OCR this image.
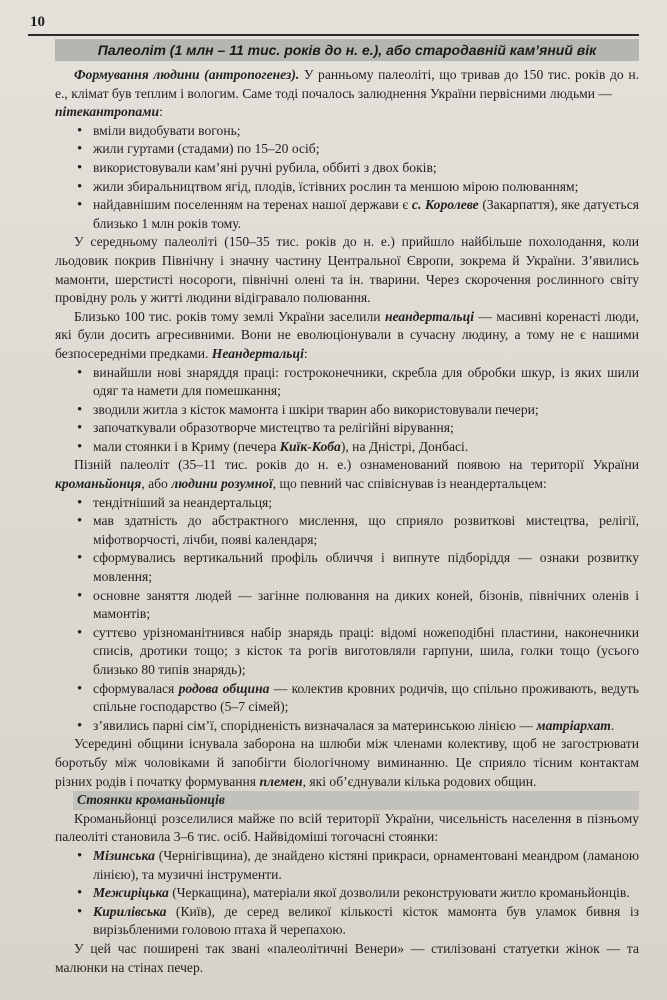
10
Палеоліт (1 млн – 11 тис. років до н. е.), або стародавній кам’яний вік

Формування людини (антропогенез). У ранньому палеоліті, що тривав до 150 тис. років до н. е., клімат був теплим і вологим. Саме тоді почалось залюднення України первісними людьми —
пітекантропами:

• вміли видобувати вогонь;
• жили гуртами (стадами) по 15–20 осіб;
• використовували кам’яні ручні рубила, оббиті з двох боків;
• жили збиральництвом ягід, плодів, їстівних рослин та меншою мірою полюванням;
• найдавнішим поселенням на теренах нашої держави є с. Королеве (Закарпаття), яке датується близько 1 млн років тому.

У середньому палеоліті (150–35 тис. років до н. е.) прийшло найбільше похолодання, коли льодовик покрив Північну і значну частину Центральної Європи, зокрема й України. З’явились мамонти, шерстисті носороги, північні олені та ін. тварини. Через скорочення рослинного світу провідну роль у житті людини відігравало полювання.

Близько 100 тис. років тому землі України заселили неандертальці — масивні коренасті люди, які були досить агресивними. Вони не еволюціонували в сучасну людину, а тому не є нашими безпосередніми предками. Неандертальці:

• винайшли нові знаряддя праці: гостроконечники, скребла для обробки шкур, із яких шили одяг та намети для помешкання;
• зводили житла з кісток мамонта і шкіри тварин або використовували печери;
• започаткували образотворче мистецтво та релігійні вірування;
• мали стоянки і в Криму (печера Киїк-Коба), на Дністрі, Донбасі.

Пізній палеоліт (35–11 тис. років до н. е.) ознаменований появою на території України кроманьйонця, або людини розумної, що певний час співіснував із неандертальцем:

• тендітніший за неандертальця;
• мав здатність до абстрактного мислення, що сприяло розвиткові мистецтва, релігії, міфотворчості, лічби, появі календаря;
• сформувались вертикальний профіль обличчя і випнуте підборіддя — ознаки розвитку мовлення;
• основне заняття людей — загінне полювання на диких коней, бізонів, північних оленів і мамонтів;
• суттєво урізноманітнився набір знарядь праці: відомі ножеподібні пластини, наконечники списів, дротики тощо; з кісток та рогів виготовляли гарпуни, шила, голки тощо (усього близько 80 типів знарядь);
• сформувалася родова община — колектив кровних родичів, що спільно проживають, ведуть спільне господарство (5–7 сімей);
• з’явились парні сім’ї, спорідненість визначалася за материнською лінією — матріархат.

Усередині общини існувала заборона на шлюби між членами колективу, щоб не загострювати боротьбу між чоловіками й запобігти біологічному виминанню. Це сприяло тісним контактам різних родів і початку формування племен, які об’єднували кілька родових общин.

Стоянки кроманьйонців

Кроманьйонці розселилися майже по всій території України, чисельність населення в пізньому палеоліті становила 3–6 тис. осіб. Найвідоміші тогочасні стоянки:

• Мізинська (Чернігівщина), де знайдено кістяні прикраси, орнаментовані меандром (ламаною лінією), та музичні інструменти.
• Межиріцька (Черкащина), матеріали якої дозволили реконструювати житло кроманьйонців.
• Кирилівська (Київ), де серед великої кількості кісток мамонта був уламок бивня із вирізьбленими головою птаха й черепахою.

У цей час поширені так звані «палеолітичні Венери» — стилізовані статуетки жінок — та малюнки на стінах печер.
